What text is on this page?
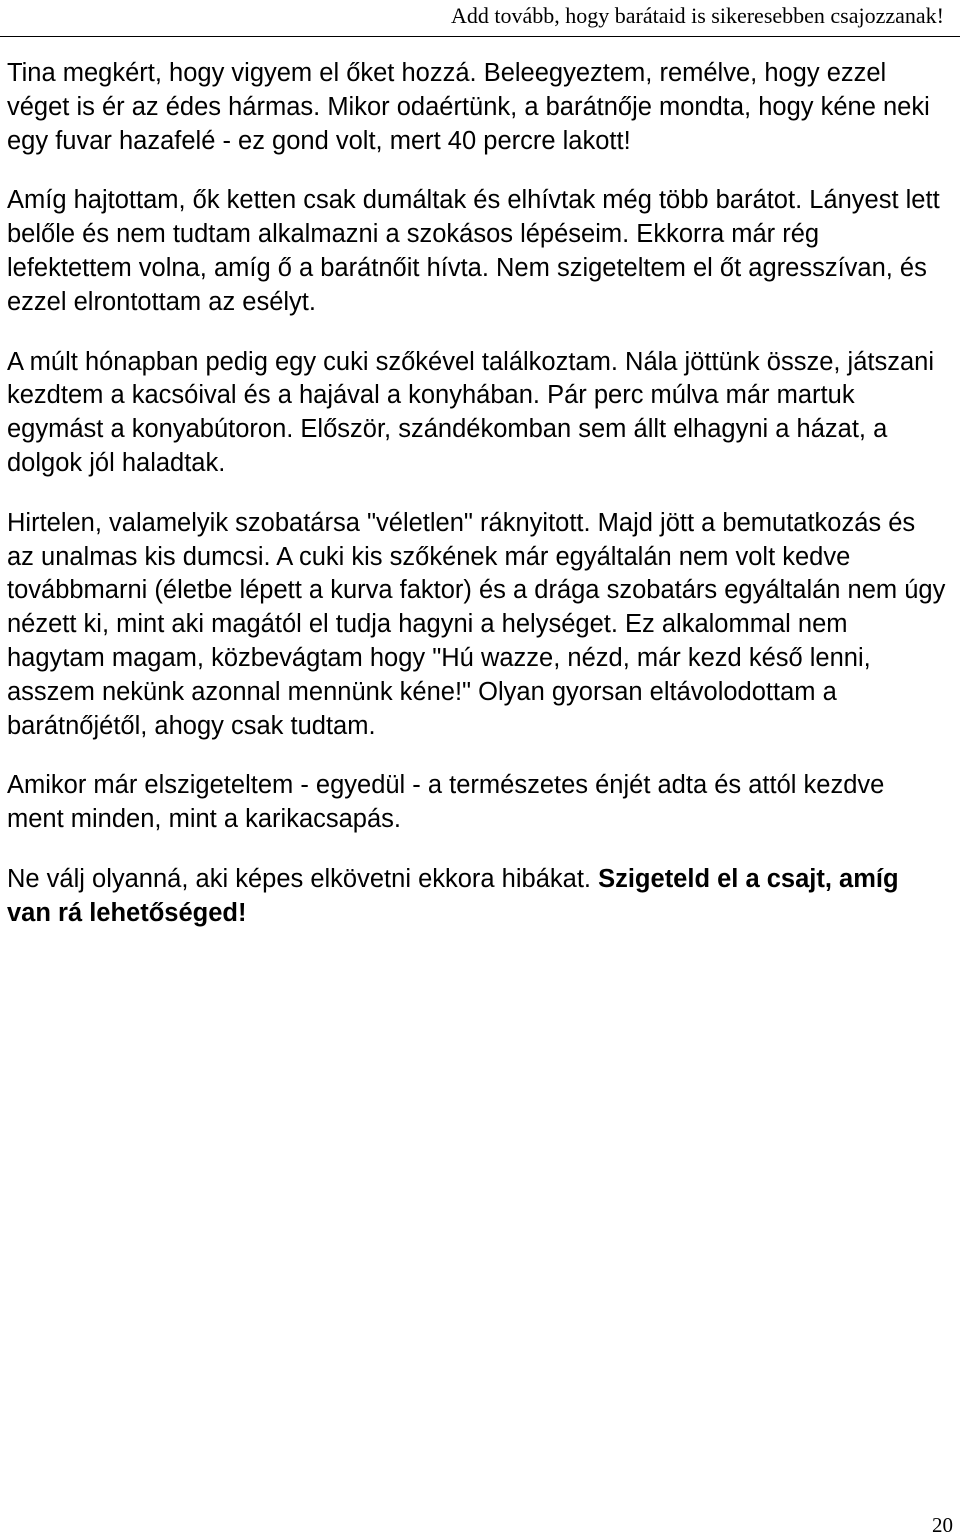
Add tovább, hogy barátaid is sikeresebben csajozzanak!

Tina megkért, hogy vigyem el őket hozzá. Beleegyeztem, remélve, hogy ezzel véget is ér az édes hármas. Mikor odaértünk, a barátnője mondta, hogy kéne neki egy fuvar hazafelé - ez gond volt, mert 40 percre lakott!

Amíg hajtottam, ők ketten csak dumáltak és elhívtak még több barátot. Lányest lett belőle és nem tudtam alkalmazni a szokásos lépéseim. Ekkorra már rég lefektettem volna, amíg ő a barátnőit hívta. Nem szigeteltem el őt agresszívan, és ezzel elrontottam az esélyt.

A múlt hónapban pedig egy cuki szőkével találkoztam. Nála jöttünk össze, játszani kezdtem a kacsóival és a hajával a konyhában. Pár perc múlva már martuk egymást a konyabútoron. Először, szándékomban sem állt elhagyni a házat, a dolgok jól haladtak.

Hirtelen, valamelyik szobatársa "véletlen" ráknyitott. Majd jött a bemutatkozás és az unalmas kis dumcsi. A cuki kis szőkének már egyáltalán nem volt kedve továbbmarni (életbe lépett a kurva faktor) és a drága szobatárs egyáltalán nem úgy nézett ki, mint aki magától el tudja hagyni a helységet. Ez alkalommal nem hagytam magam, közbevágtam hogy "Hú wazze, nézd, már kezd késő lenni, asszem nekünk azonnal mennünk kéne!" Olyan gyorsan eltávolodottam a barátnőjétől, ahogy csak tudtam.

Amikor már elszigeteltem - egyedül - a természetes énjét adta és attól kezdve ment minden, mint a karikacsapás.

Ne válj olyanná, aki képes elkövetni ekkora hibákat. Szigeteld el a csajt, amíg van rá lehetőséged!

20
